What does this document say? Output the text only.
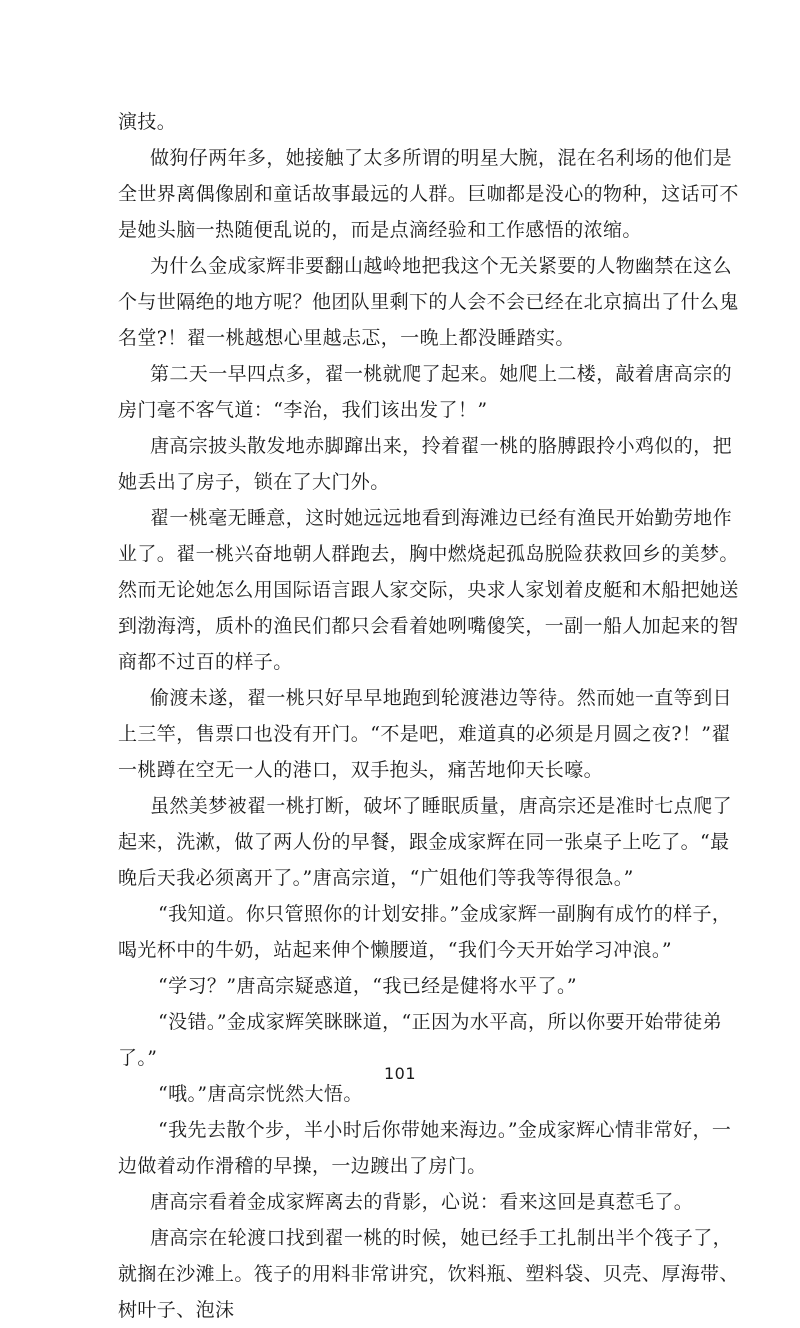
演技。

做狗仔两年多，她接触了太多所谓的明星大腕，混在名利场的他们是全世界离偶像剧和童话故事最远的人群。巨咖都是没心的物种，这话可不是她头脑一热随便乱说的，而是点滴经验和工作感悟的浓缩。

为什么金成家辉非要翻山越岭地把我这个无关紧要的人物幽禁在这么个与世隔绝的地方呢？他团队里剩下的人会不会已经在北京搞出了什么鬼名堂?！翟一桃越想心里越忐忑，一晚上都没睡踏实。

第二天一早四点多，翟一桃就爬了起来。她爬上二楼，敲着唐高宗的房门毫不客气道：“李治，我们该出发了！”

唐高宗披头散发地赤脚蹿出来，拎着翟一桃的胳膊跟拎小鸡似的，把她丢出了房子，锁在了大门外。

翟一桃毫无睡意，这时她远远地看到海滩边已经有渔民开始勤劳地作业了。翟一桃兴奋地朝人群跑去，胸中燃烧起孤岛脱险获救回乡的美梦。然而无论她怎么用国际语言跟人家交际，央求人家划着皮艇和木船把她送到渤海湾，质朴的渔民们都只会看着她咧嘴傻笑，一副一船人加起来的智商都不过百的样子。

偷渡未遂，翟一桃只好早早地跑到轮渡港边等待。然而她一直等到日上三竿，售票口也没有开门。“不是吧，难道真的必须是月圆之夜?！”翟一桃蹲在空无一人的港口，双手抱头，痛苦地仰天长嚎。

虽然美梦被翟一桃打断，破坏了睡眠质量，唐高宗还是准时七点爬了起来，洗漱，做了两人份的早餐，跟金成家辉在同一张桌子上吃了。“最晚后天我必须离开了。”唐高宗道，“广姐他们等我等得很急。”

“我知道。你只管照你的计划安排。”金成家辉一副胸有成竹的样子，喝光杯中的牛奶，站起来伸个懒腰道，“我们今天开始学习冲浪。”

“学习？”唐高宗疑惑道，“我已经是健将水平了。”

“没错。”金成家辉笑眯眯道，“正因为水平高，所以你要开始带徒弟了。”

“哦。”唐高宗恍然大悟。

“我先去散个步，半小时后你带她来海边。”金成家辉心情非常好，一边做着动作滑稽的早操，一边踱出了房门。

唐高宗看着金成家辉离去的背影，心说：看来这回是真惹毛了。

唐高宗在轮渡口找到翟一桃的时候，她已经手工扎制出半个筏子了，就搁在沙滩上。筏子的用料非常讲究，饮料瓶、塑料袋、贝壳、厚海带、树叶子、泡沫

101
